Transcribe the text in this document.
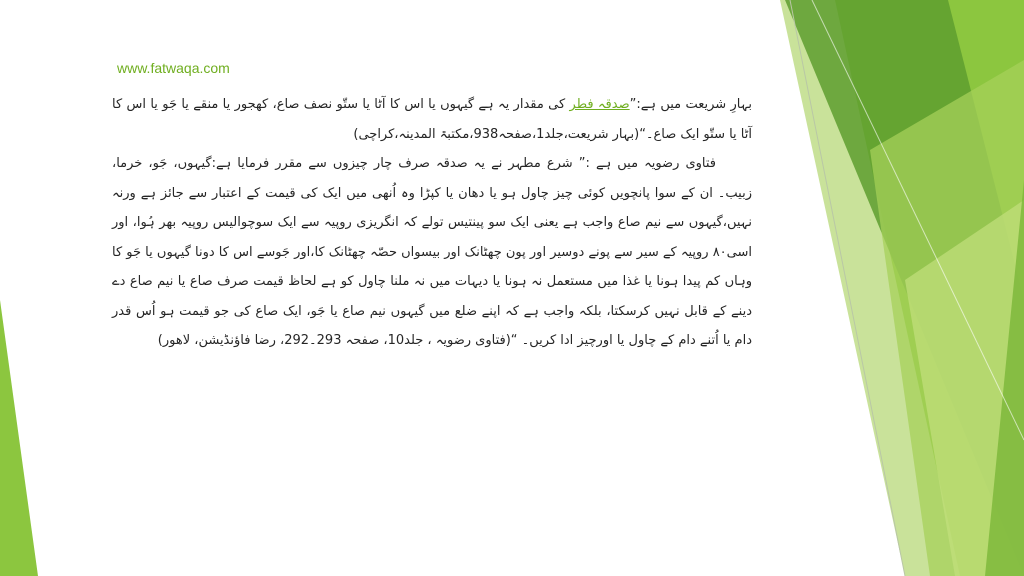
www.fatwaqa.com

بہارِ شریعت میں ہے:”صدقہ فطر کی مقدار یہ ہے گیہوں یا اس کا آٹا یا ستّو نصف صاع، کھجور یا منقے یا جَو یا اس کا آٹا یا ستّو ایک صاع۔“(بہار شریعت،جلد1،صفحہ938،مکتبۃ المدینہ،کراچی)

فتاوی رضویہ میں ہے :” شرع مطہر نے یہ صدقہ صرف چار چیزوں سے مقرر فرمایا ہے:گیہوں، جَو، خرما، زبیب۔ ان کے سوا پانچویں کوئی چیز چاول ہو یا دھان یا کپڑا وہ اُنھی میں ایک کی قیمت کے اعتبار سے جائز ہے ورنہ نہیں،گیہوں سے نیم صاع واجب ہے یعنی ایک سو پینتیس تولے کہ انگریزی روپیہ سے ایک سوچوالیس روپیہ بھر ہُوا، اور اسی۸۰ روپیہ کے سیر سے پونے دوسیر اور پون چھٹانک اور بیسواں حصّہ چھٹانک کا،اور جَوسے اس کا دونا گیہوں یا جَو کا وہاں کم پیدا ہونا یا غذا میں مستعمل نہ ہونا یا دیہات میں نہ ملنا چاول کو ہے لحاظ قیمت صرف صاع یا نیم صاع دے دینے کے قابل نہیں کرسکتا، بلکہ واجب ہے کہ اپنے ضلع میں گیہوں نیم صاع یا جَو، ایک صاع کی جو قیمت ہو اُس قدر دام یا اُتنے دام کے چاول یا اورچیز ادا کریں۔ “(فتاوی رضویہ ، جلد10، صفحہ 293۔292، رضا فاؤنڈیشن، لاھور)
